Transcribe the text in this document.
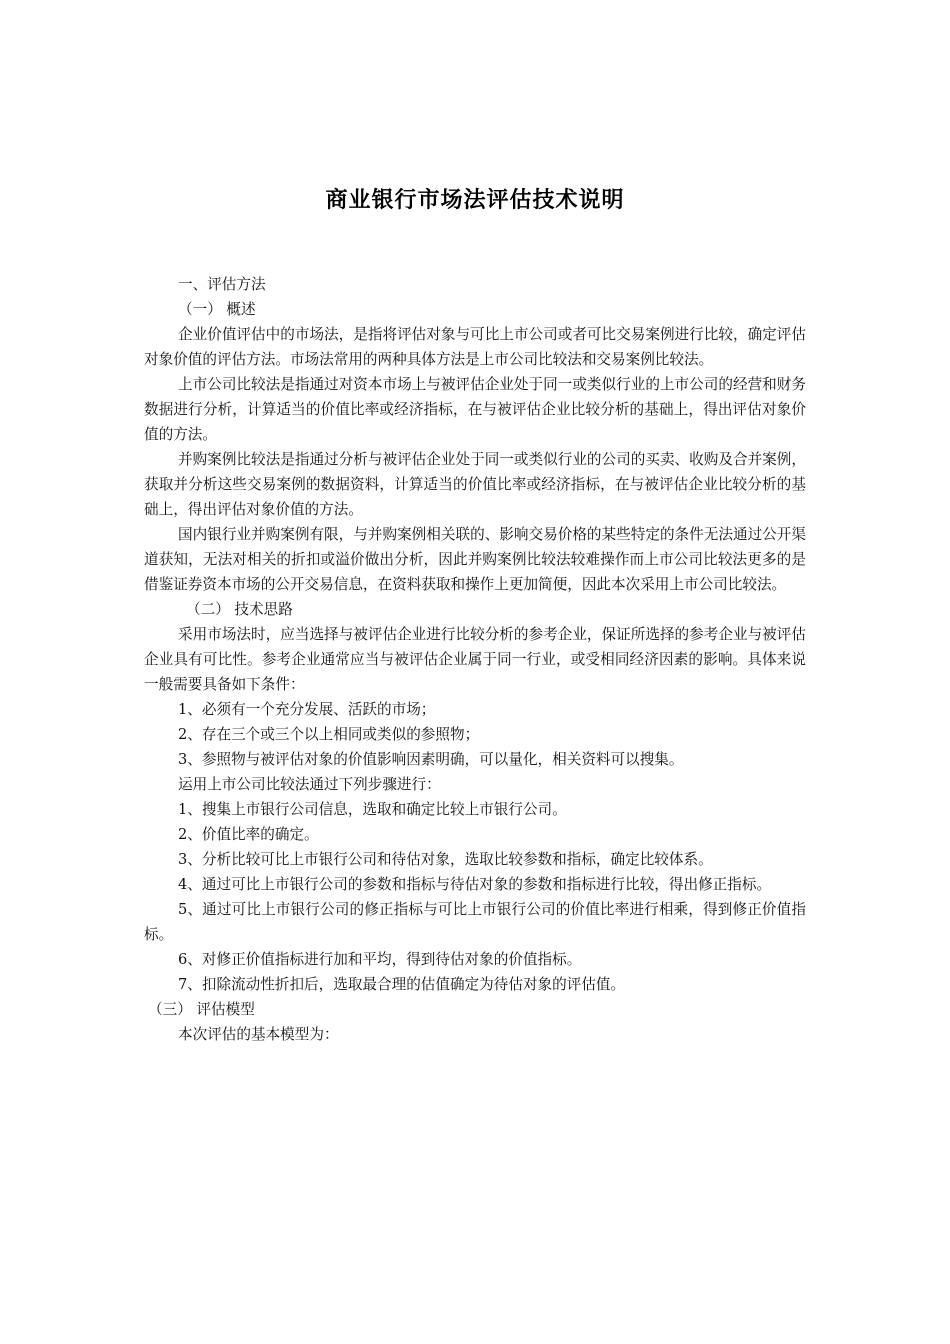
商业银行市场法评估技术说明

一、评估方法

（一） 概述

企业价值评估中的市场法，是指将评估对象与可比上市公司或者可比交易案例进行比较，确定评估对象价值的评估方法。市场法常用的两种具体方法是上市公司比较法和交易案例比较法。

上市公司比较法是指通过对资本市场上与被评估企业处于同一或类似行业的上市公司的经营和财务数据进行分析，计算适当的价值比率或经济指标，在与被评估企业比较分析的基础上，得出评估对象价值的方法。

并购案例比较法是指通过分析与被评估企业处于同一或类似行业的公司的买卖、收购及合并案例，获取并分析这些交易案例的数据资料，计算适当的价值比率或经济指标，在与被评估企业比较分析的基础上，得出评估对象价值的方法。

国内银行业并购案例有限，与并购案例相关联的、影响交易价格的某些特定的条件无法通过公开渠道获知，无法对相关的折扣或溢价做出分析，因此并购案例比较法较难操作而上市公司比较法更多的是借鉴证券资本市场的公开交易信息，在资料获取和操作上更加简便，因此本次采用上市公司比较法。

（二） 技术思路

采用市场法时，应当选择与被评估企业进行比较分析的参考企业，保证所选择的参考企业与被评估企业具有可比性。参考企业通常应当与被评估企业属于同一行业，或受相同经济因素的影响。具体来说一般需要具备如下条件：

1、必须有一个充分发展、活跃的市场；

2、存在三个或三个以上相同或类似的参照物；

3、参照物与被评估对象的价值影响因素明确，可以量化，相关资料可以搜集。

运用上市公司比较法通过下列步骤进行：

1、搜集上市银行公司信息，选取和确定比较上市银行公司。

2、价值比率的确定。

3、分析比较可比上市银行公司和待估对象，选取比较参数和指标，确定比较体系。

4、通过可比上市银行公司的参数和指标与待估对象的参数和指标进行比较，得出修正指标。

5、通过可比上市银行公司的修正指标与可比上市银行公司的价值比率进行相乘，得到修正价值指标。

6、对修正价值指标进行加和平均，得到待估对象的价值指标。

7、扣除流动性折扣后，选取最合理的估值确定为待估对象的评估值。

（三） 评估模型

本次评估的基本模型为：
